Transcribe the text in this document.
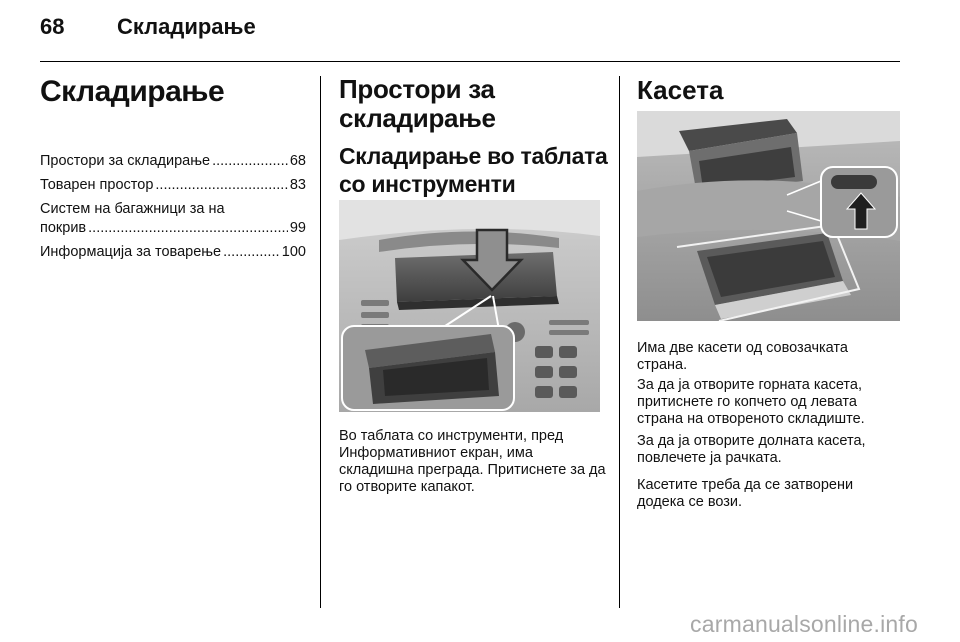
68 Складирање
Складирање
Простори за складирање .....	68
Товарен простор .....	83
Систем на багажници за на
покрив .....	99
Информација за товарење .....	100
Простори за складирање
Складирање во таблата со инструменти
Во таблата со инструменти, пред Информативниот екран, има складишна преграда. Притиснете за да го отворите капакот.
Касета
Има две касети од совозачката страна.
За да ја отворите горната касета, притиснете го копчето од левата страна на отвореното складиште.
За да ја отворите долната касета, повлечете ја рачката.
Касетите треба да се затворени додека се вози.
carmanualsonline.info
